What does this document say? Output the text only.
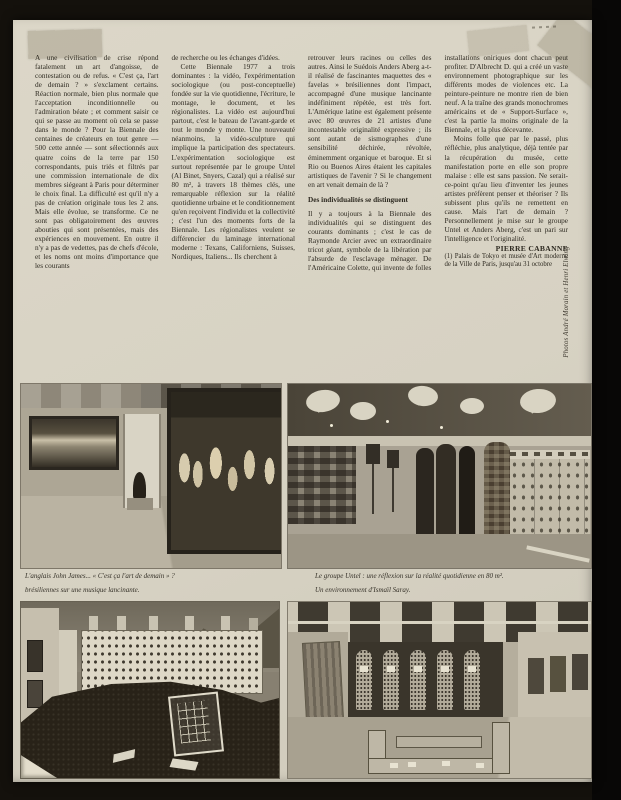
A une civilisation de crise répond fatalement un art d'angoisse, de contestation ou de refus. « C'est ça, l'art de demain ? » s'exclament certains. Réaction normale, bien plus normale que l'acceptation inconditionnelle ou l'admiration béate ; et comment saisir ce qui se passe au moment où cela se passe dans le monde ? Pour la Biennale des centaines de créateurs en tout genre — 500 cette année — sont sélectionnés aux quatre coins de la terre par 150 correspondants, puis triés et filtrés par une commission internationale de dix membres siégeant à Paris pour déterminer le choix final. La difficulté est qu'il n'y a pas de création originale tous les 2 ans. Mais elle évolue, se transforme. Ce ne sont pas obligatoirement des œuvres abouties qui sont présentées, mais des expériences en mouvement. En outre il n'y a pas de vedettes, pas de chefs d'école, et les noms ont moins d'importance que les courants

de recherche ou les échanges d'idées.

Cette Biennale 1977 a trois dominantes : la vidéo, l'expérimentation sociologique (ou post-conceptuelle) fondée sur la vie quotidienne, l'écriture, le montage, le document, et les régionalistes. La vidéo est aujourd'hui partout, c'est le bateau de l'avant-garde et tout le monde y monte. Une nouveauté néanmoins, la vidéo-sculpture qui implique la participation des spectateurs. L'expérimentation sociologique est surtout représentée par le groupe Untel (Al Binet, Snyers, Cazal) qui a réalisé sur 80 m², à travers 18 thèmes clés, une remarquable réflexion sur la réalité quotidienne urbaine et le conditionnement qu'en reçoivent l'individu et la collectivité ; c'est l'un des moments forts de la Biennale. Les régionalistes veulent se différencier du laminage international moderne : Texans, Californiens, Suisses, Nordiques, Italiens... Ils cherchent à

retrouver leurs racines ou celles des autres. Ainsi le Suédois Anders Aberg a-t-il réalisé de fascinantes maquettes des « favelas » brésiliennes dont l'impact, accompagné d'une musique lancinante indéfiniment répétée, est très fort. L'Amérique latine est également présente avec 80 œuvres de 21 artistes d'une incontestable originalité expressive ; ils sont autant de sismographes d'une sensibilité déchirée, révoltée, éminemment organique et baroque. Et si Rio ou Buenos Aires étaient les capitales artistiques de l'avenir ? Si le changement en art venait demain de là ?

Des individualités se distinguent

Il y a toujours à la Biennale des individualités qui se distinguent des courants dominants ; c'est le cas de Raymonde Arcier avec un extraordinaire tricot géant, symbole de la libération par l'absurde de l'esclavage ménager. De l'Américaine Colette, qui invente de folles

installations oniriques dont chacun peut profiter. D'Albrecht D. qui a créé un vaste environnement photographique sur les différents modes de violences etc. La peinture-peinture ne montre rien de bien neuf. A la traîne des grands monochromes américains et de « Support-Surface », c'est la partie la moins originale de la Biennale, et la plus décevante.

Moins folle que par le passé, plus réfléchie, plus analytique, déjà tentée par la récupération du musée, cette manifestation porte en elle son propre malaise : elle est sans passion. Ne serait-ce-point qu'au lieu d'inventer les jeunes artistes préfèrent penser et théoriser ? Ils subissent plus qu'ils ne remettent en cause. Mais l'art de demain ? Personnellement je mise sur le groupe Untel et Anders Aberg, c'est un pari sur l'intelligence et l'originalité.

PIERRE CABANNE

(1) Palais de Tokyo et musée d'Art moderne de la Ville de Paris, jusqu'au 31 octobre	Photos André Morain et Henri Elwing
L'anglais John James... « C'est ça l'art de demain » ?
brésiliennes sur une musique lancinante.
Le groupe Untel : une réflexion sur la réalité quotidienne en 80 m².
Un environnement d'Ismaïl Saray.
